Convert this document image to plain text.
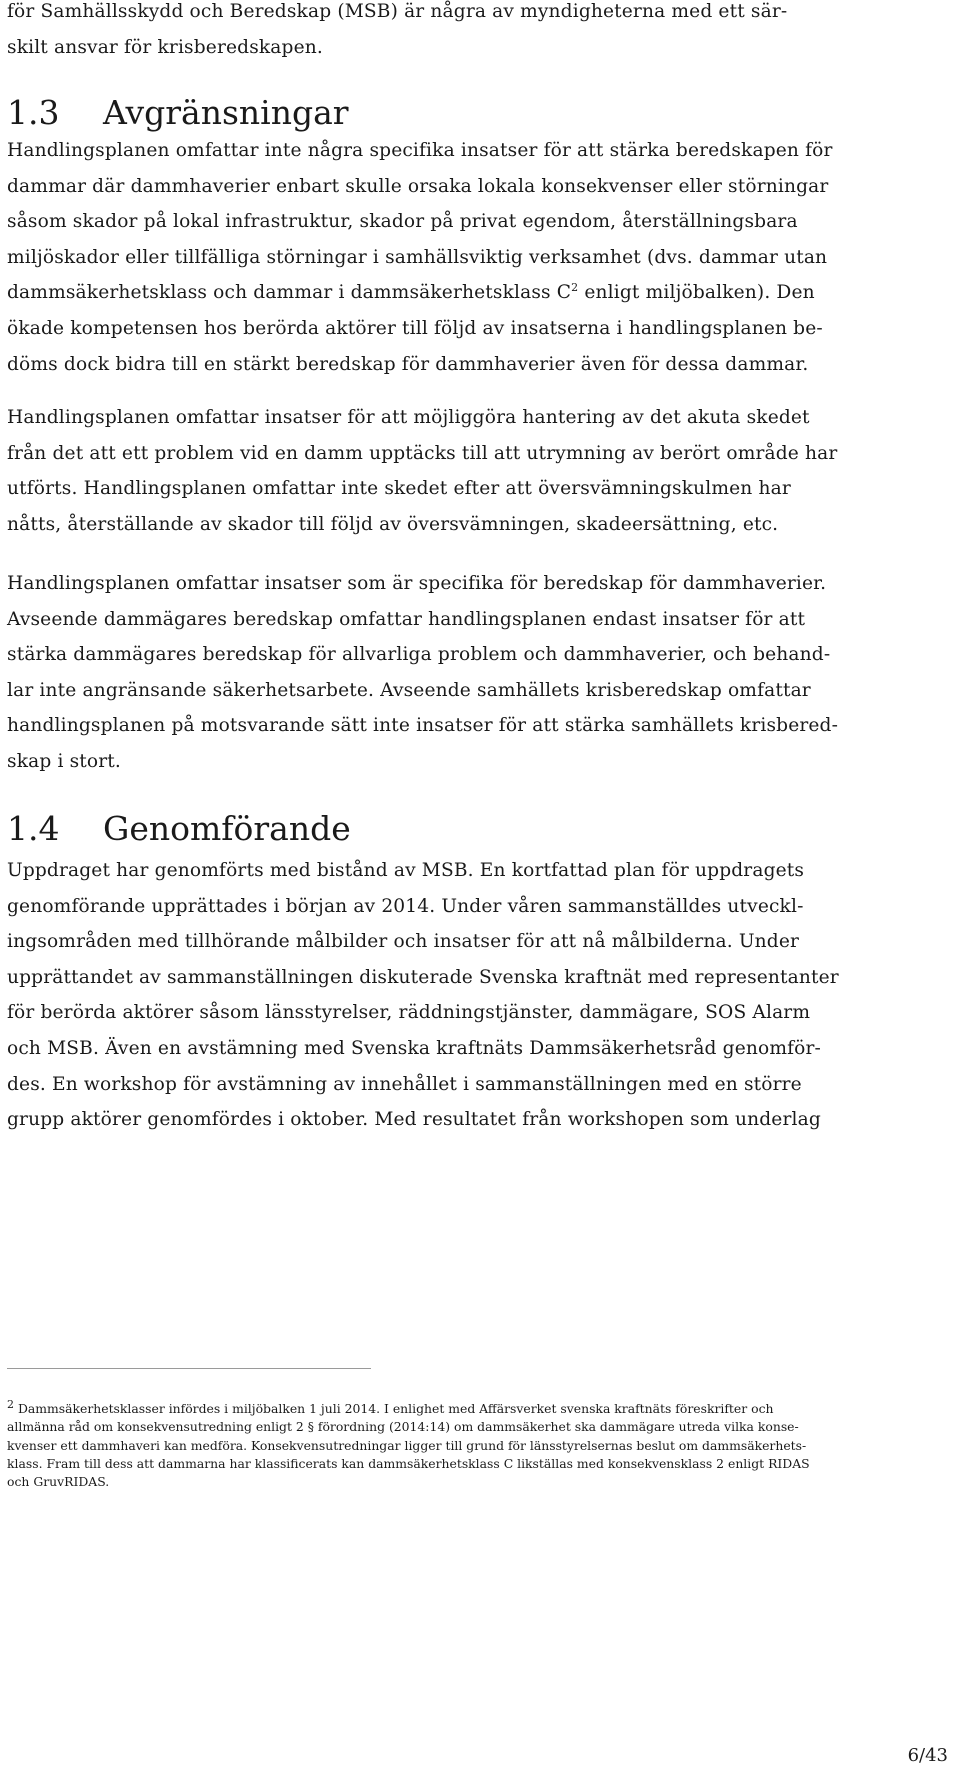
för Samhällsskydd och Beredskap (MSB) är några av myndigheterna med ett sär-
skilt ansvar för krisberedskapen.

1.3 Avgränsningar

Handlingsplanen omfattar inte några specifika insatser för att stärka beredskapen för
dammar där dammhaverier enbart skulle orsaka lokala konsekvenser eller störningar
såsom skador på lokal infrastruktur, skador på privat egendom, återställningsbara
miljöskador eller tillfälliga störningar i samhällsviktig verksamhet (dvs. dammar utan
dammsäkerhetsklass och dammar i dammsäkerhetsklass $C^2$ enligt miljöbalken). Den
ökade kompetensen hos berörda aktörer till följd av insatserna i handlingsplanen be-
döms dock bidra till en stärkt beredskap för dammhaverier även för dessa dammar.

Handlingsplanen omfattar insatser för att möjliggöra hantering av det akuta skedet
från det att ett problem vid en damm upptäcks till att utrymning av berört område har
utförts. Handlingsplanen omfattar inte skedet efter att översvämningskulmen har
nåtts, återställande av skador till följd av översvämningen, skadeersättning, etc.

Handlingsplanen omfattar insatser som är specifika för beredskap för dammhaverier.
Avseende dammägares beredskap omfattar handlingsplanen endast insatser för att
stärka dammägares beredskap för allvarliga problem och dammhaverier, och behand-
lar inte angränsande säkerhetsarbete. Avseende samhällets krisberedskap omfattar
handlingsplanen på motsvarande sätt inte insatser för att stärka samhällets krisbered-
skap i stort.

1.4 Genomförande

Uppdraget har genomförts med bistånd av MSB. En kortfattad plan för uppdragets
genomförande upprättades i början av 2014. Under våren sammanställdes utveckl-
ingsområden med tillhörande målbilder och insatser för att nå målbilderna. Under
upprättandet av sammanställningen diskuterade Svenska kraftnät med representanter
för berörda aktörer såsom länsstyrelser, räddningstjänster, dammägare, SOS Alarm
och MSB. Även en avstämning med Svenska kraftnäts Dammsäkerhetsråd genomför-
des. En workshop för avstämning av innehållet i sammanställningen med en större
grupp aktörer genomfördes i oktober. Med resultatet från workshopen som underlag

$^2$ Dammsäkerhetsklasser infördes i miljöbalken 1 juli 2014. I enlighet med Affärsverket svenska kraftnäts föreskrifter och
allmänna råd om konsekvensutredning enligt 2 § förordning (2014:14) om dammsäkerhet ska dammägare utreda vilka konse-
kvenser ett dammhaveri kan medföra. Konsekvensutredningar ligger till grund för länsstyrelsernas beslut om dammsäkerhets-
klass. Fram till dess att dammarna har klassificerats kan dammsäkerhetsklass C likställas med konsekvensklass 2 enligt RIDAS
och GruvRIDAS.
6/43
